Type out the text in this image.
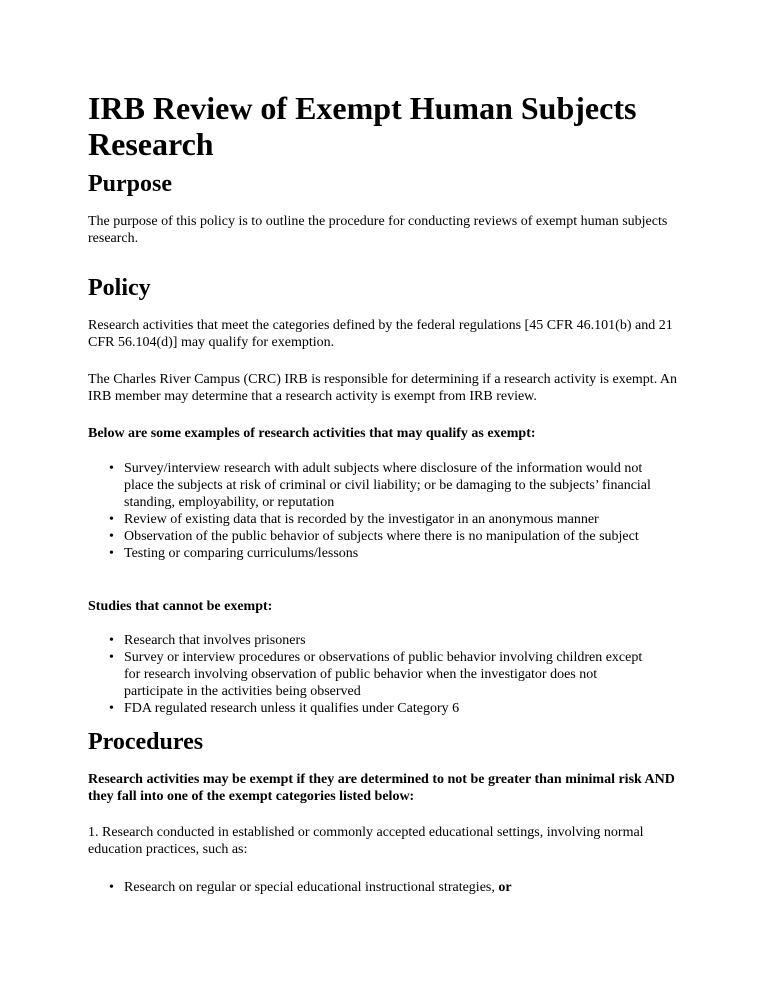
IRB Review of Exempt Human Subjects Research
Purpose

The purpose of this policy is to outline the procedure for conducting reviews of exempt human subjects research.

Policy

Research activities that meet the categories defined by the federal regulations [45 CFR 46.101(b) and 21 CFR 56.104(d)] may qualify for exemption.

The Charles River Campus (CRC) IRB is responsible for determining if a research activity is exempt. An IRB member may determine that a research activity is exempt from IRB review.

Below are some examples of research activities that may qualify as exempt:

• Survey/interview research with adult subjects where disclosure of the information would not place the subjects at risk of criminal or civil liability; or be damaging to the subjects’ financial standing, employability, or reputation
• Review of existing data that is recorded by the investigator in an anonymous manner
• Observation of the public behavior of subjects where there is no manipulation of the subject
• Testing or comparing curriculums/lessons

Studies that cannot be exempt:

• Research that involves prisoners
• Survey or interview procedures or observations of public behavior involving children except for research involving observation of public behavior when the investigator does not participate in the activities being observed
• FDA regulated research unless it qualifies under Category 6
Procedures

Research activities may be exempt if they are determined to not be greater than minimal risk AND they fall into one of the exempt categories listed below:

1. Research conducted in established or commonly accepted educational settings, involving normal education practices, such as:

• Research on regular or special educational instructional strategies, or
